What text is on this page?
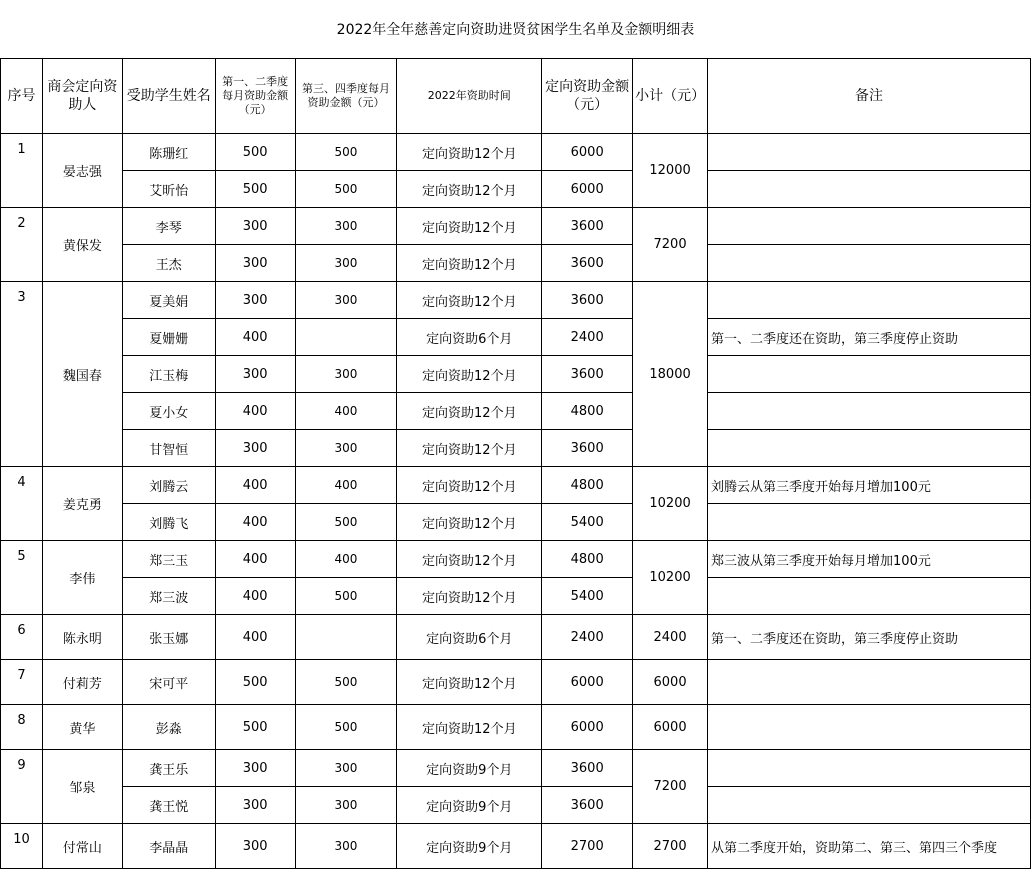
2022年全年慈善定向资助进贤贫困学生名单及金额明细表								
序号	商会定向资助人	受助学生姓名	第一、二季度每月资助金额（元）	第三、四季度每月资助金额（元）	2022年资助时间	定向资助金额（元）	小计（元）	备注
1	晏志强	陈珊红	500	500	定向资助12个月	6000	12000	
		艾昕怡	500	500	定向资助12个月	6000		
2	黄保发	李琴	300	300	定向资助12个月	3600	7200	
		王杰	300	300	定向资助12个月	3600		
3	魏国春	夏美娟	300	300	定向资助12个月	3600	18000	
		夏姗姗	400		定向资助6个月	2400		第一、二季度还在资助，第三季度停止资助
		江玉梅	300	300	定向资助12个月	3600		
		夏小女	400	400	定向资助12个月	4800		
		甘智恒	300	300	定向资助12个月	3600		
4	姜克勇	刘腾云	400	400	定向资助12个月	4800	10200	刘腾云从第三季度开始每月增加100元
		刘腾飞	400	500	定向资助12个月	5400		
5	李伟	郑三玉	400	400	定向资助12个月	4800	10200	郑三波从第三季度开始每月增加100元
		郑三波	400	500	定向资助12个月	5400		
6	陈永明	张玉娜	400		定向资助6个月	2400	2400	第一、二季度还在资助，第三季度停止资助
7	付莉芳	宋可平	500	500	定向资助12个月	6000	6000	
8	黄华	彭淼	500	500	定向资助12个月	6000	6000	
9	邹泉	龚王乐	300	300	定向资助9个月	3600	7200	
		龚王悦	300	300	定向资助9个月	3600		
10	付常山	李晶晶	300	300	定向资助9个月	2700	2700	从第二季度开始，资助第二、第三、第四三个季度
